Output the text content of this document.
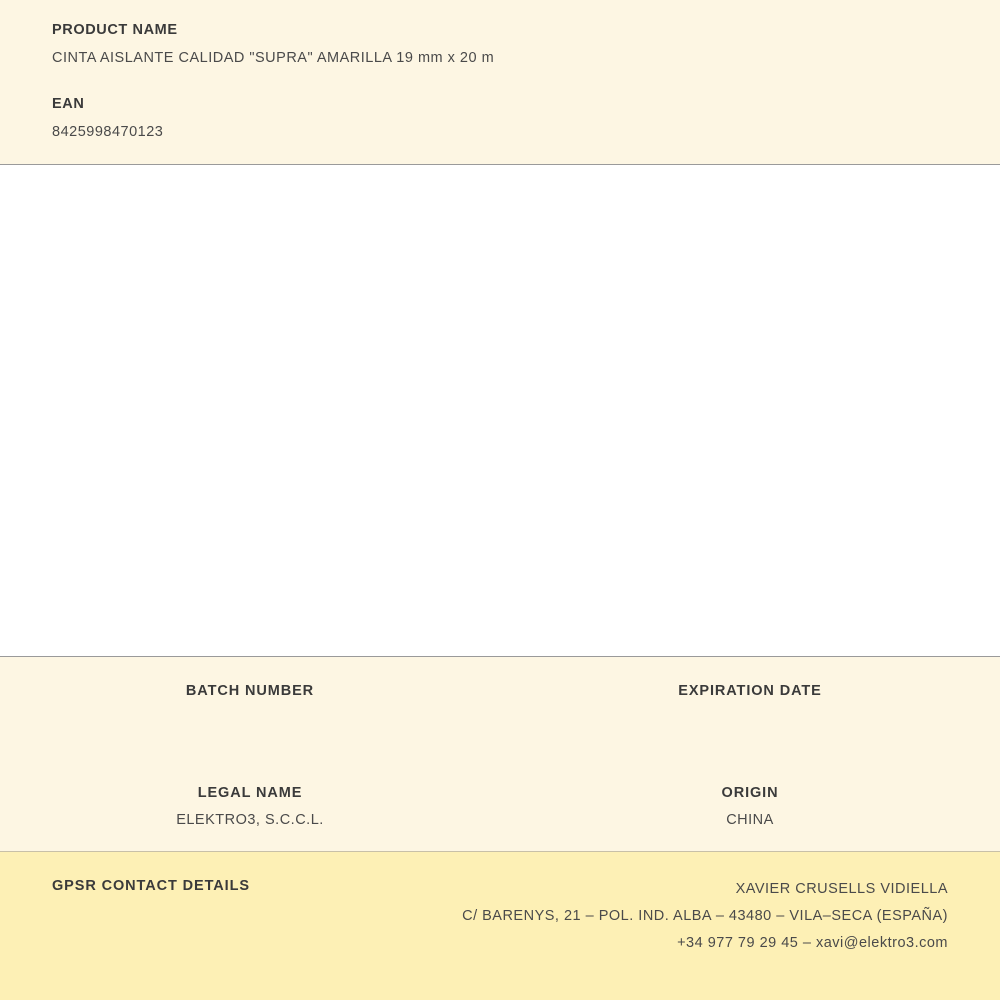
PRODUCT NAME

CINTA AISLANTE CALIDAD "SUPRA" AMARILLA 19 mm x 20 m

EAN

8425998470123

BATCH NUMBER	EXPIRATION DATE

LEGAL NAME

ELEKTRO3, S.C.C.L.

ORIGIN

CHINA

GPSR CONTACT DETAILS	XAVIER CRUSELLS VIDIELLA
C/ BARENYS, 21 – POL. IND. ALBA – 43480 – VILA–SECA (ESPAÑA)
+34 977 79 29 45 – xavi@elektro3.com
